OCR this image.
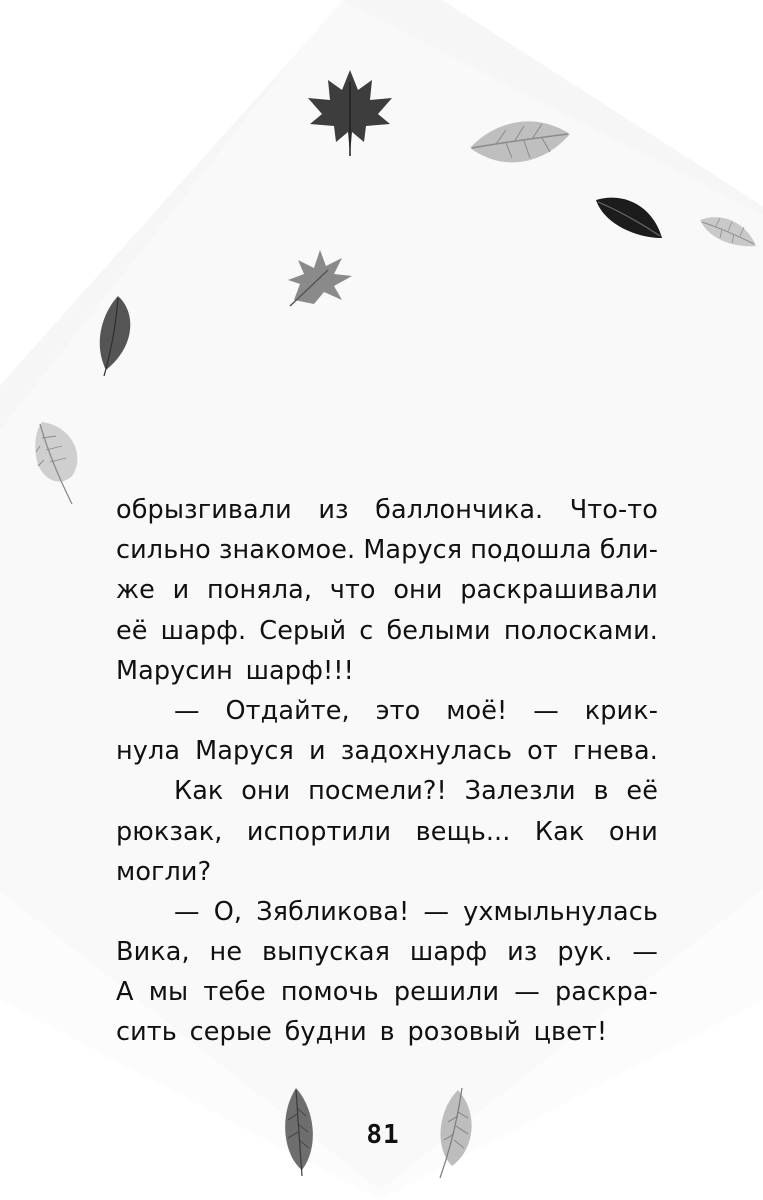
обрызгивали из баллончика. Что-то
сильно знакомое. Маруся подошла бли-
же и поняла, что они раскрашивали
её шарф. Серый с белыми полосками.
Марусин шарф!!!
— Отдайте, это моё! — крик-
нула Маруся и задохнулась от гнева.
Как они посмели?! Залезли в её
рюкзак, испортили вещь... Как они
могли?
— О, Зябликова! — ухмыльнулась
Вика, не выпуская шарф из рук. —
А мы тебе помочь решили — раскра-
сить серые будни в розовый цвет!
81
